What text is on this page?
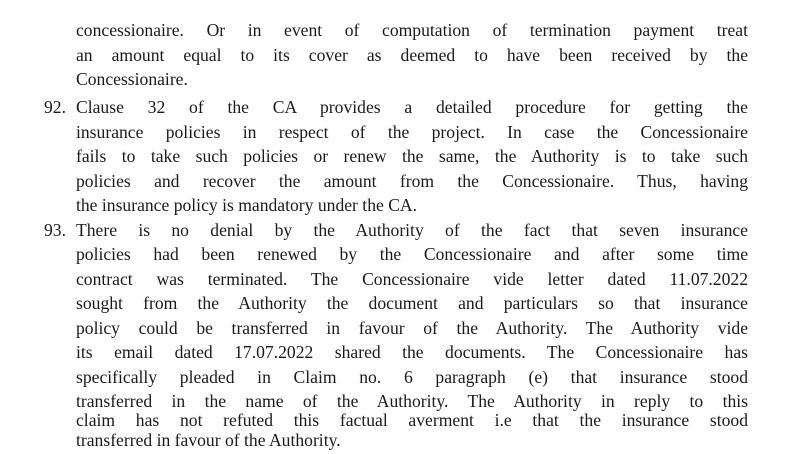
concessionaire. Or in event of computation of termination payment treat
an amount equal to its cover as deemed to have been received by the
Concessionaire.
92. Clause 32 of the CA provides a detailed procedure for getting the
insurance policies in respect of the project. In case the Concessionaire
fails to take such policies or renew the same, the Authority is to take such
policies and recover the amount from the Concessionaire. Thus, having
the insurance policy is mandatory under the CA.
93. There is no denial by the Authority of the fact that seven insurance
policies had been renewed by the Concessionaire and after some time
contract was terminated. The Concessionaire vide letter dated 11.07.2022
sought from the Authority the document and particulars so that insurance
policy could be transferred in favour of the Authority. The Authority vide
its email dated 17.07.2022 shared the documents. The Concessionaire has
specifically pleaded in Claim no. 6 paragraph (e) that insurance stood
transferred in the name of the Authority. The Authority in reply to this
claim has not refuted this factual averment i.e that the insurance stood
transferred in favour of the Authority.
